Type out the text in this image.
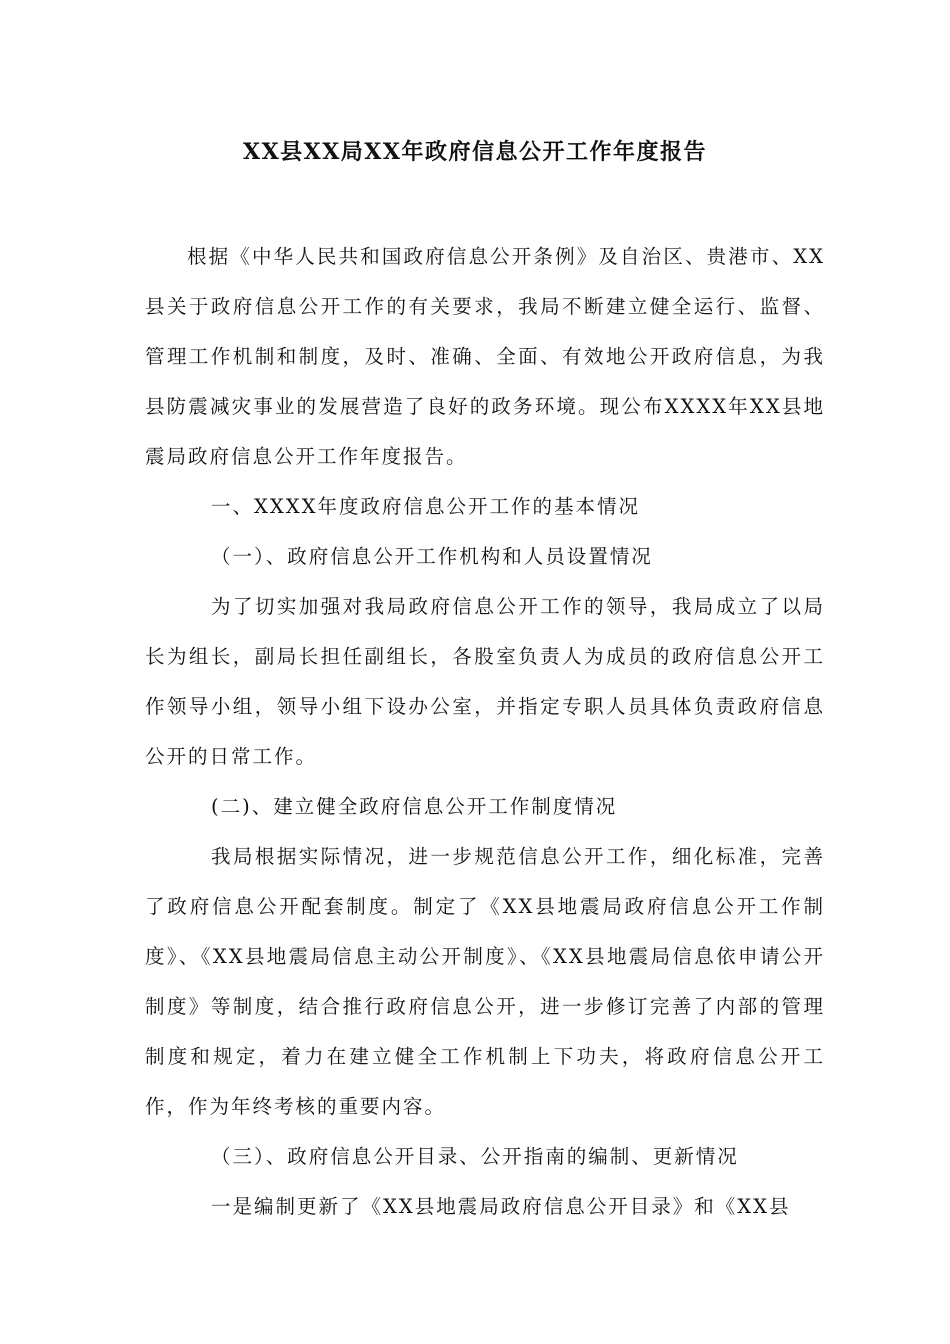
XX县XX局XX年政府信息公开工作年度报告

根据《中华人民共和国政府信息公开条例》及自治区、贵港市、XX县关于政府信息公开工作的有关要求，我局不断建立健全运行、监督、管理工作机制和制度，及时、准确、全面、有效地公开政府信息，为我县防震减灾事业的发展营造了良好的政务环境。现公布XXXX年XX县地震局政府信息公开工作年度报告。

一、XXXX年度政府信息公开工作的基本情况

（一）、政府信息公开工作机构和人员设置情况

为了切实加强对我局政府信息公开工作的领导，我局成立了以局长为组长，副局长担任副组长，各股室负责人为成员的政府信息公开工作领导小组，领导小组下设办公室，并指定专职人员具体负责政府信息公开的日常工作。

(二)、建立健全政府信息公开工作制度情况

我局根据实际情况，进一步规范信息公开工作，细化标准，完善了政府信息公开配套制度。制定了《XX县地震局政府信息公开工作制度》、《XX县地震局信息主动公开制度》、《XX县地震局信息依申请公开制度》等制度，结合推行政府信息公开，进一步修订完善了内部的管理制度和规定，着力在建立健全工作机制上下功夫，将政府信息公开工作，作为年终考核的重要内容。

（三）、政府信息公开目录、公开指南的编制、更新情况

一是编制更新了《XX县地震局政府信息公开目录》和《XX县
